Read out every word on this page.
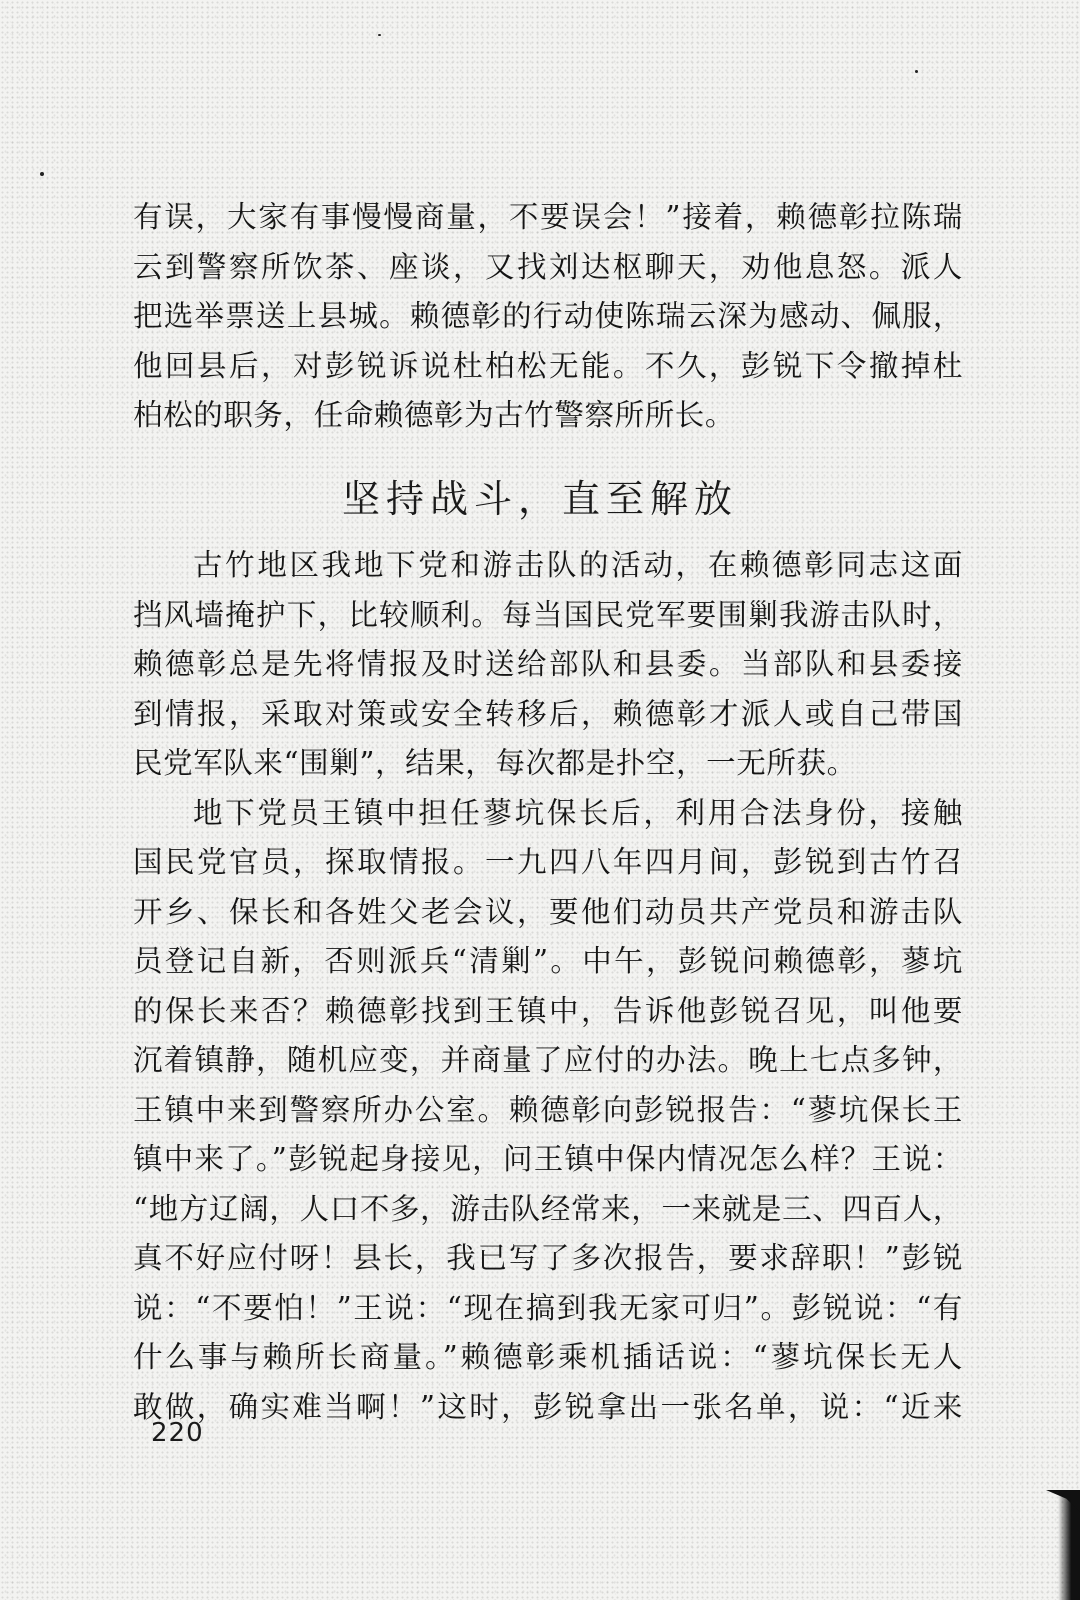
有误，大家有事慢慢商量，不要误会！”接着，赖德彰拉陈瑞
云到警察所饮茶、座谈，又找刘达枢聊天，劝他息怒。派人
把选举票送上县城。赖德彰的行动使陈瑞云深为感动、佩服，
他回县后，对彭锐诉说杜柏松无能。不久，彭锐下令撤掉杜
柏松的职务，任命赖德彰为古竹警察所所长。
坚持战斗，直至解放
古竹地区我地下党和游击队的活动，在赖德彰同志这面
挡风墙掩护下，比较顺利。每当国民党军要围剿我游击队时，
赖德彰总是先将情报及时送给部队和县委。当部队和县委接
到情报，采取对策或安全转移后，赖德彰才派人或自己带国
民党军队来“围剿”，结果，每次都是扑空，一无所获。
地下党员王镇中担任蓼坑保长后，利用合法身份，接触
国民党官员，探取情报。一九四八年四月间，彭锐到古竹召
开乡、保长和各姓父老会议，要他们动员共产党员和游击队
员登记自新，否则派兵“清剿”。中午，彭锐问赖德彰，蓼坑
的保长来否？赖德彰找到王镇中，告诉他彭锐召见，叫他要
沉着镇静，随机应变，并商量了应付的办法。晚上七点多钟，
王镇中来到警察所办公室。赖德彰向彭锐报告：“蓼坑保长王
镇中来了。”彭锐起身接见，问王镇中保内情况怎么样？王说：
“地方辽阔，人口不多，游击队经常来，一来就是三、四百人，
真不好应付呀！县长，我已写了多次报告，要求辞职！”彭锐
说：“不要怕！”王说：“现在搞到我无家可归”。彭锐说：“有
什么事与赖所长商量。”赖德彰乘机插话说：“蓼坑保长无人
敢做，确实难当啊！”这时，彭锐拿出一张名单，说：“近来
220
